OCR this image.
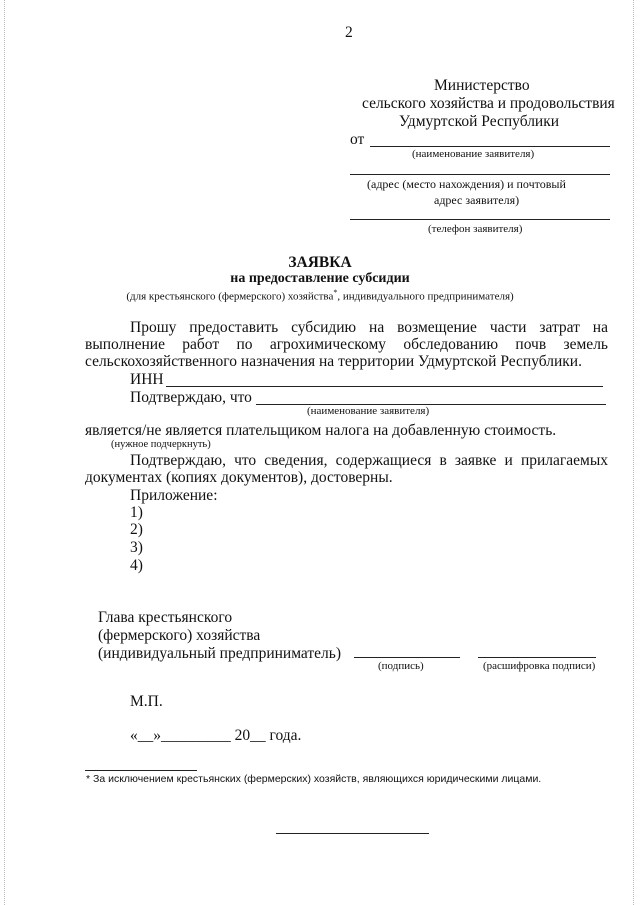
2
Министерство
сельского хозяйства и продовольствия
Удмуртской Республики
от
(наименование заявителя)
(адрес (место нахождения) и почтовый
адрес заявителя)
(телефон заявителя)
ЗАЯВКА
на предоставление субсидии
(для крестьянского (фермерского) хозяйства*, индивидуального предпринимателя)
Прошу предоставить субсидию на возмещение части затрат на
выполнение работ по агрохимическому обследованию почв земель
сельскохозяйственного назначения на территории Удмуртской Республики.
ИНН
Подтверждаю, что
(наименование заявителя)
является/не является плательщиком налога на добавленную стоимость.
(нужное подчеркнуть)
Подтверждаю, что сведения, содержащиеся в заявке и прилагаемых
документах (копиях документов), достоверны.
Приложение:
1)
2)
3)
4)
Глава крестьянского
(фермерского) хозяйства
(индивидуальный предприниматель)
(подпись)	(расшифровка подписи)
М.П.
«__»_________ 20__ года.
* За исключением крестьянских (фермерских) хозяйств, являющихся юридическими лицами.
